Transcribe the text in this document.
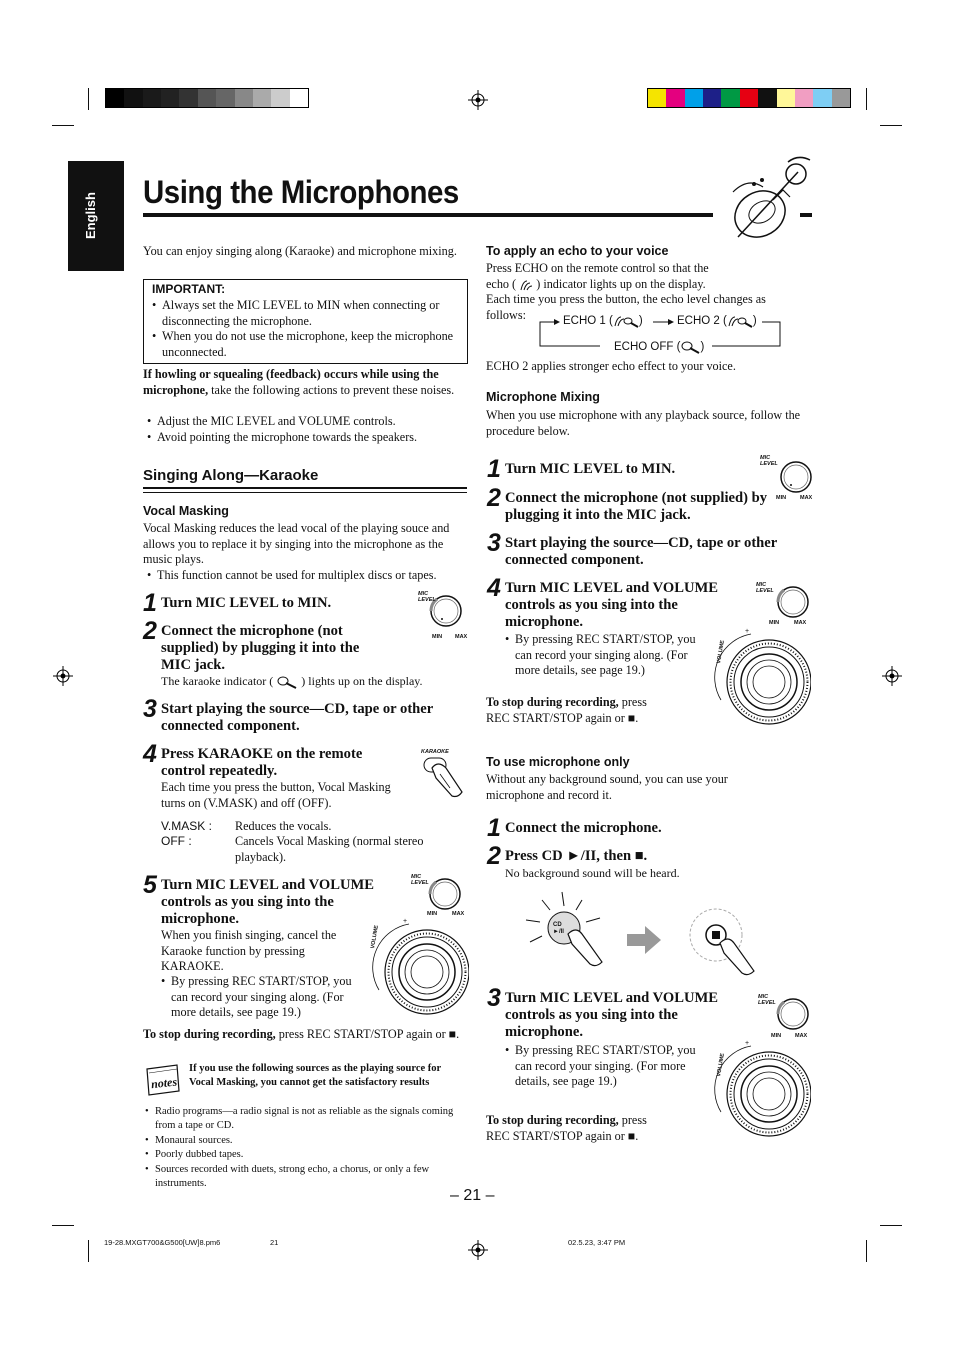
English
Using the Microphones
You can enjoy singing along (Karaoke) and microphone mixing.
IMPORTANT:
• Always set the MIC LEVEL to MIN when connecting or disconnecting the microphone.
• When you do not use the microphone, keep the microphone unconnected.
If howling or squealing (feedback) occurs while using the microphone, take the following actions to prevent these noises.
• Adjust the MIC LEVEL and VOLUME controls.
• Avoid pointing the microphone towards the speakers.
Singing Along—Karaoke
Vocal Masking
Vocal Masking reduces the lead vocal of the playing souce and allows you to replace it by singing into the microphone as the music plays.
• This function cannot be used for multiplex discs or tapes.
1 Turn MIC LEVEL to MIN.
2 Connect the microphone (not supplied) by plugging it into the MIC jack.
The karaoke indicator ( ) lights up on the display.
MIC
LEVEL
MIN MAX
3 Start playing the source—CD, tape or other connected component.
4 Press KARAOKE on the remote control repeatedly.
Each time you press the button, Vocal Masking turns on (V.MASK) and off (OFF).
KARAOKE
V.MASK : Reduces the vocals.
OFF :	Cancels Vocal Masking (normal stereo playback).
5 Turn MIC LEVEL and VOLUME controls as you sing into the microphone.
When you finish singing, cancel the Karaoke function by pressing KARAOKE.
• By pressing REC START/STOP, you can record your singing along. (For more details, see page 19.)
MIC
LEVEL
MIN	MAX
VOLUME
+
To stop during recording, press REC START/STOP again or ■.
notes
If you use the following sources as the playing source for Vocal Masking, you cannot get the satisfactory results
• Radio programs—a radio signal is not as reliable as the signals coming from a tape or CD.
• Monaural sources.
• Poorly dubbed tapes.
• Sources recorded with duets, strong echo, a chorus, or only a few instruments.
To apply an echo to your voice
Press ECHO on the remote control so that the
echo ( ) indicator lights up on the display.
Each time you press the button, the echo level changes as follows:	ECHO 1 ( )	ECHO 2 ( )
ECHO OFF ( )
ECHO 2 applies stronger echo effect to your voice.
Microphone Mixing
When you use microphone with any playback source, follow the procedure below.
1 Turn MIC LEVEL to MIN.
MIC
LEVEL
MIN	MAX
2 Connect the microphone (not supplied) by plugging it into the MIC jack.
3 Start playing the source—CD, tape or other connected component.
4 Turn MIC LEVEL and VOLUME controls as you sing into the microphone.
• By pressing REC START/STOP, you can record your singing along. (For more details, see page 19.)
MIC
LEVEL
MIN	MAX
VOLUME
+
To stop during recording, press
REC START/STOP again or ■.
To use microphone only
Without any background sound, you can use your microphone and record it.
1 Connect the microphone.
2 Press CD ►/II, then ■.
No background sound will be heard.
CD
►/II
3 Turn MIC LEVEL and VOLUME controls as you sing into the microphone.
• By pressing REC START/STOP, you can record your singing. (For more details, see page 19.)
MIC
LEVEL
MIN	MAX
VOLUME
+
To stop during recording, press
REC START/STOP again or ■.
– 21 –
19-28.MXGT700&G500[UW]8.pm6	21	02.5.23, 3:47 PM
